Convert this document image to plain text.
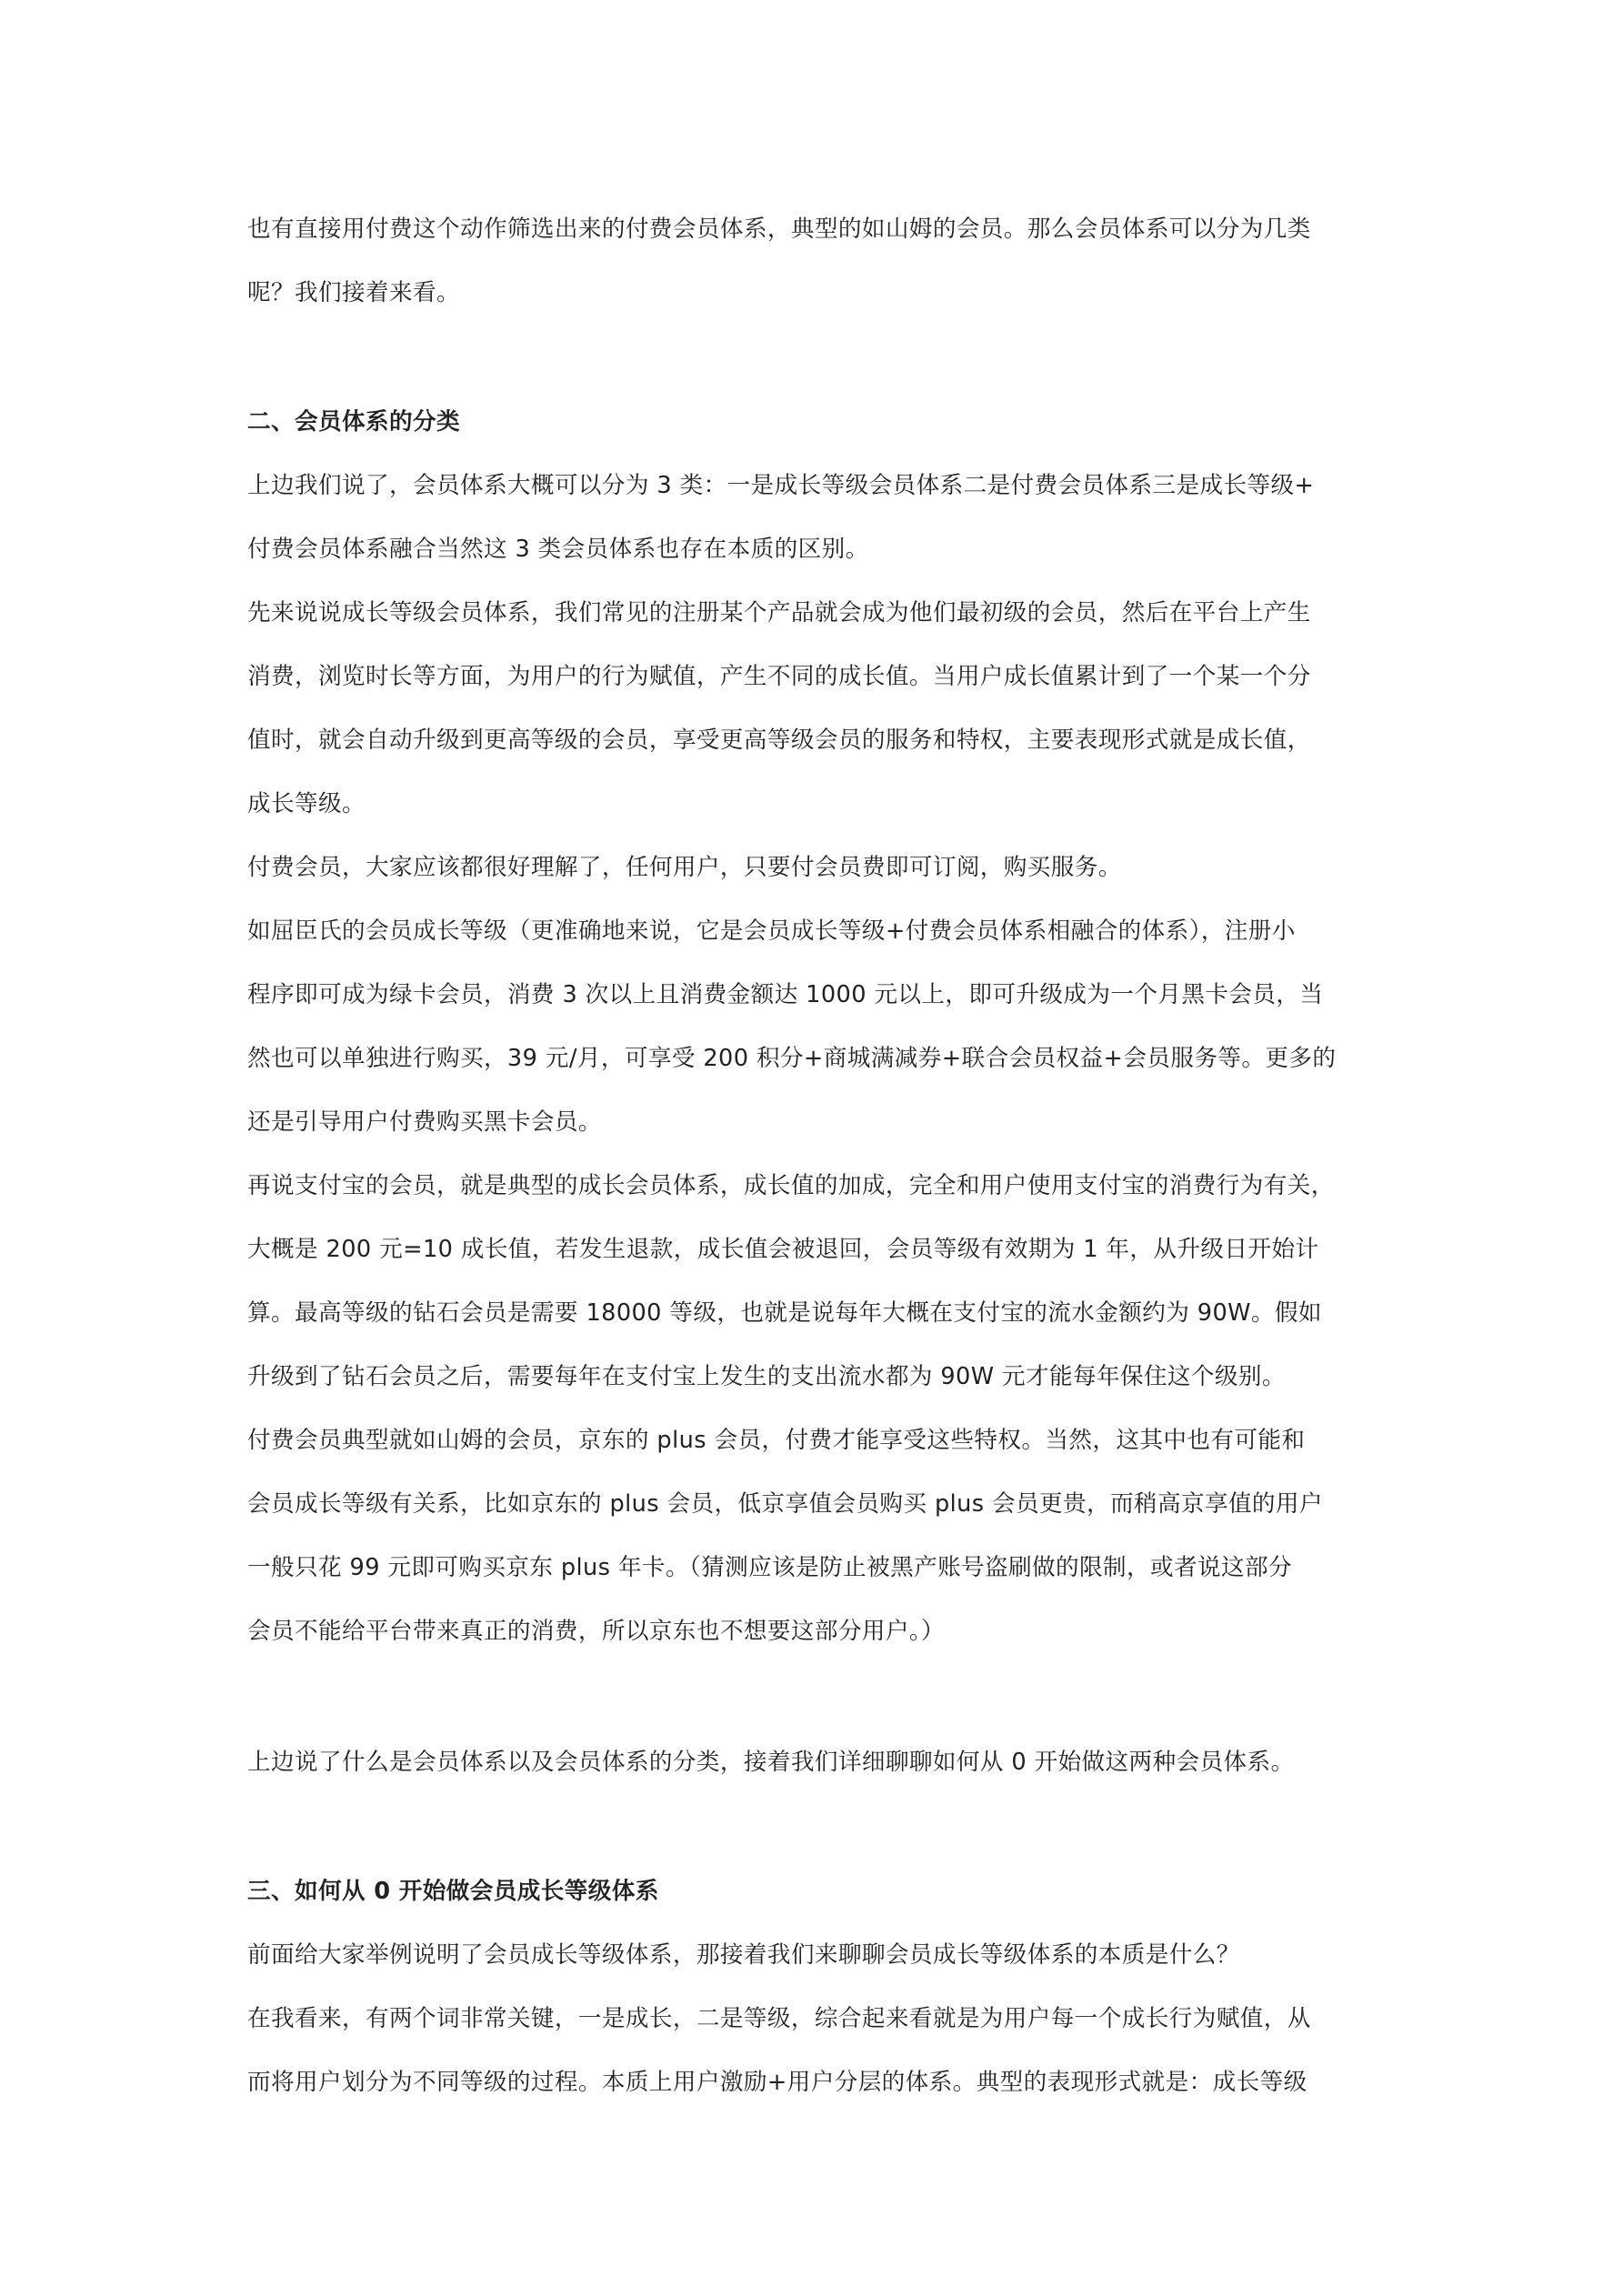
也有直接用付费这个动作筛选出来的付费会员体系，典型的如山姆的会员。那么会员体系可以分为几类
呢？我们接着来看。
二、会员体系的分类
上边我们说了，会员体系大概可以分为 3 类：一是成长等级会员体系二是付费会员体系三是成长等级+
付费会员体系融合当然这 3 类会员体系也存在本质的区别。
先来说说成长等级会员体系，我们常见的注册某个产品就会成为他们最初级的会员，然后在平台上产生
消费，浏览时长等方面，为用户的行为赋值，产生不同的成长值。当用户成长值累计到了一个某一个分
值时，就会自动升级到更高等级的会员，享受更高等级会员的服务和特权，主要表现形式就是成长值，
成长等级。
付费会员，大家应该都很好理解了，任何用户，只要付会员费即可订阅，购买服务。
如屈臣氏的会员成长等级（更准确地来说，它是会员成长等级+付费会员体系相融合的体系），注册小
程序即可成为绿卡会员，消费 3 次以上且消费金额达 1000 元以上，即可升级成为一个月黑卡会员，当
然也可以单独进行购买，39 元/月，可享受 200 积分+商城满减券+联合会员权益+会员服务等。更多的
还是引导用户付费购买黑卡会员。
再说支付宝的会员，就是典型的成长会员体系，成长值的加成，完全和用户使用支付宝的消费行为有关，
大概是 200 元=10 成长值，若发生退款，成长值会被退回，会员等级有效期为 1 年，从升级日开始计
算。最高等级的钻石会员是需要 18000 等级，也就是说每年大概在支付宝的流水金额约为 90W。假如
升级到了钻石会员之后，需要每年在支付宝上发生的支出流水都为 90W 元才能每年保住这个级别。
付费会员典型就如山姆的会员，京东的 plus 会员，付费才能享受这些特权。当然，这其中也有可能和
会员成长等级有关系，比如京东的 plus 会员，低京享值会员购买 plus 会员更贵，而稍高京享值的用户
一般只花 99 元即可购买京东 plus 年卡。（猜测应该是防止被黑产账号盗刷做的限制，或者说这部分
会员不能给平台带来真正的消费，所以京东也不想要这部分用户。）
上边说了什么是会员体系以及会员体系的分类，接着我们详细聊聊如何从 0 开始做这两种会员体系。
三、如何从 0 开始做会员成长等级体系
前面给大家举例说明了会员成长等级体系，那接着我们来聊聊会员成长等级体系的本质是什么？
在我看来，有两个词非常关键，一是成长，二是等级，综合起来看就是为用户每一个成长行为赋值，从
而将用户划分为不同等级的过程。本质上用户激励+用户分层的体系。典型的表现形式就是：成长等级
